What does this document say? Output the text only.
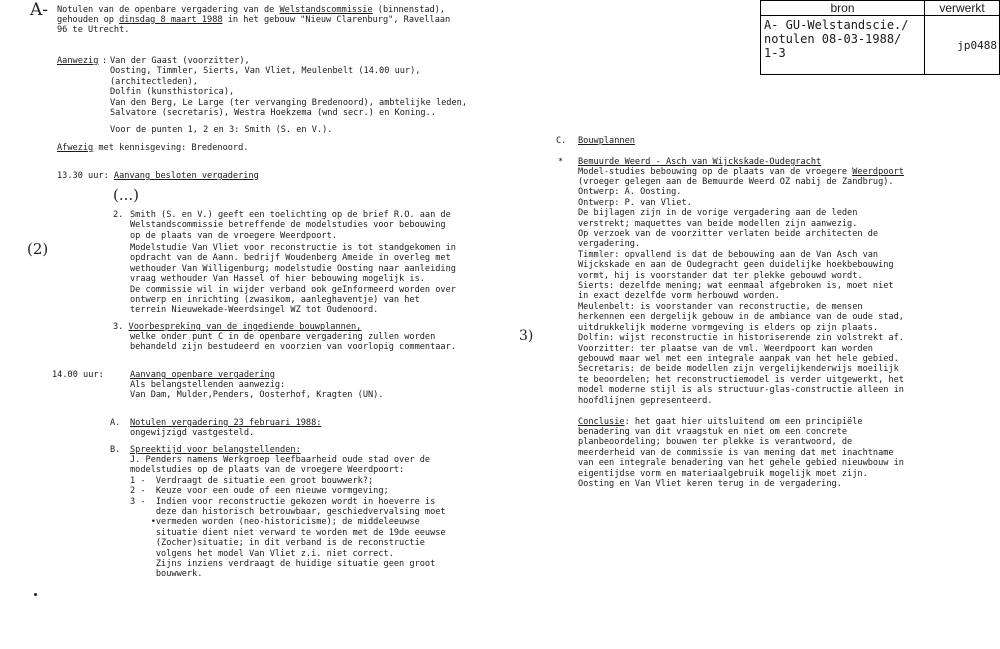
A- Notulen van de openbare vergadering van de Welstandscommissie (binnenstad),
gehouden op dinsdag 8 maart 1988 in het gebouw "Nieuw Clarenburg", Ravellaan
96 te Utrecht.
bron	verwerkt
A- GU-Welstandscie./
notulen 08-03-1988/
1-3	jp0488
Aanwezig : Van der Gaast (voorzitter),
Oosting, Timmler, Sierts, Van Vliet, Meulenbelt (14.00 uur),
(architectleden),
Dolfin (kunsthistorica),
Van den Berg, Le Large (ter vervanging Bredenoord), ambtelijke leden,
Salvatore (secretaris), Westra Hoekzema (wnd secr.) en Koning..
Voor de punten 1, 2 en 3: Smith (S. en V.).
Afwezig met kennisgeving: Bredenoord.
13.30 uur: Aanvang besloten vergadering
(...)
(2)
3)
2. Smith (S. en V.) geeft een toelichting op de brief R.O. aan de
Welstandscommissie betreffende de modelstudies voor bebouwing
op de plaats van de vroegere Weerdpoort.
Modelstudie Van Vliet voor reconstructie is tot standgekomen in
opdracht van de Aann. bedrijf Woudenberg Ameide in overleg met
wethouder Van Willigenburg; modelstudie Oosting naar aanleiding
vraag wethouder Van Hassel of hier bebouwing mogelijk is.
De commissie wil in wijder verband ook geInformeerd worden over
ontwerp en inrichting (zwasikom, aanleghaventje) van het
terrein Nieuwekade-Weerdsingel WZ tot Oudenoord.
3. Voorbespreking van de ingediende bouwplannen,
welke onder punt C in de openbare vergadering zullen worden
behandeld zijn bestudeerd en voorzien van voorlopig commentaar.
14.00 uur:	Aanvang openbare vergadering
Als belangstellenden aanwezig:
Van Dam, Mulder,Penders, Oosterhof, Kragten (UN).
A. Notulen vergadering 23 februari 1988:
ongewijzigd vastgesteld.
B. Spreektijd voor belangstellenden:
J. Penders namens Werkgroep leefbaarheid oude stad over de
modelstudies op de plaats van de vroegere Weerdpoort:
1 -  Verdraagt de situatie een groot bouwwerk?;
2 -  Keuze voor een oude of een nieuwe vormgeving;
3 -  Indien voor reconstructie gekozen wordt in hoeverre is
deze dan historisch betrouwbaar, geschiedvervalsing moet
•vermeden worden (neo-historicisme); de middeleeuwse
situatie dient niet verward te worden met de 19de eeuwse
(Zocher)situatie; in dit verband is de reconstructie
volgens het model Van Vliet z.i. niet correct.
Zijns inziens verdraagt de huidige situatie geen groot
bouwwerk.
C. Bouwplannen
* Bemuurde Weerd - Asch van Wijckskade-Oudegracht
Model-studies bebouwing op de plaats van de vroegere Weerdpoort
(vroeger gelegen aan de Bemuurde Weerd OZ nabij de Zandbrug).
Ontwerp: A. Oosting.
Ontwerp: P. van Vliet.
De bijlagen zijn in de vorige vergadering aan de leden
verstrekt; maquettes van beide modellen zijn aanwezig.
Op verzoek van de voorzitter verlaten beide architecten de
vergadering.
Timmler: opvallend is dat de bebouwing aan de Van Asch van
Wijckskade en aan de Oudegracht geen duidelijke hoekbebouwing
vormt, hij is voorstander dat ter plekke gebouwd wordt.
Sierts: dezelfde mening; wat eenmaal afgebroken is, moet niet
in exact dezelfde vorm herbouwd worden.
Meulenbelt: is voorstander van reconstructie, de mensen
herkennen een dergelijk gebouw in de ambiance van de oude stad,
uitdrukkelijk moderne vormgeving is elders op zijn plaats.
Dolfin: wijst reconstructie in historiserende zin volstrekt af.
Voorzitter: ter plaatse van de vml. Weerdpoort kan worden
gebouwd maar wel met een integrale aanpak van het hele gebied.
Secretaris: de beide modellen zijn vergelijkenderwijs moeilijk
te beoordelen; het reconstructiemodel is verder uitgewerkt, het
model moderne stijl is als structuur-glas-constructie alleen in
hoofdlijnen gepresenteerd.
Conclusie: het gaat hier uitsluitend om een principiële
benadering van dit vraagstuk en niet om een concrete
planbeoordeling; bouwen ter plekke is verantwoord, de
meerderheid van de commissie is van mening dat met inachtname
van een integrale benadering van het gehele gebied nieuwbouw in
eigentijdse vorm en materiaalgebruik mogelijk moet zijn.
Oosting en Van Vliet keren terug in de vergadering.
